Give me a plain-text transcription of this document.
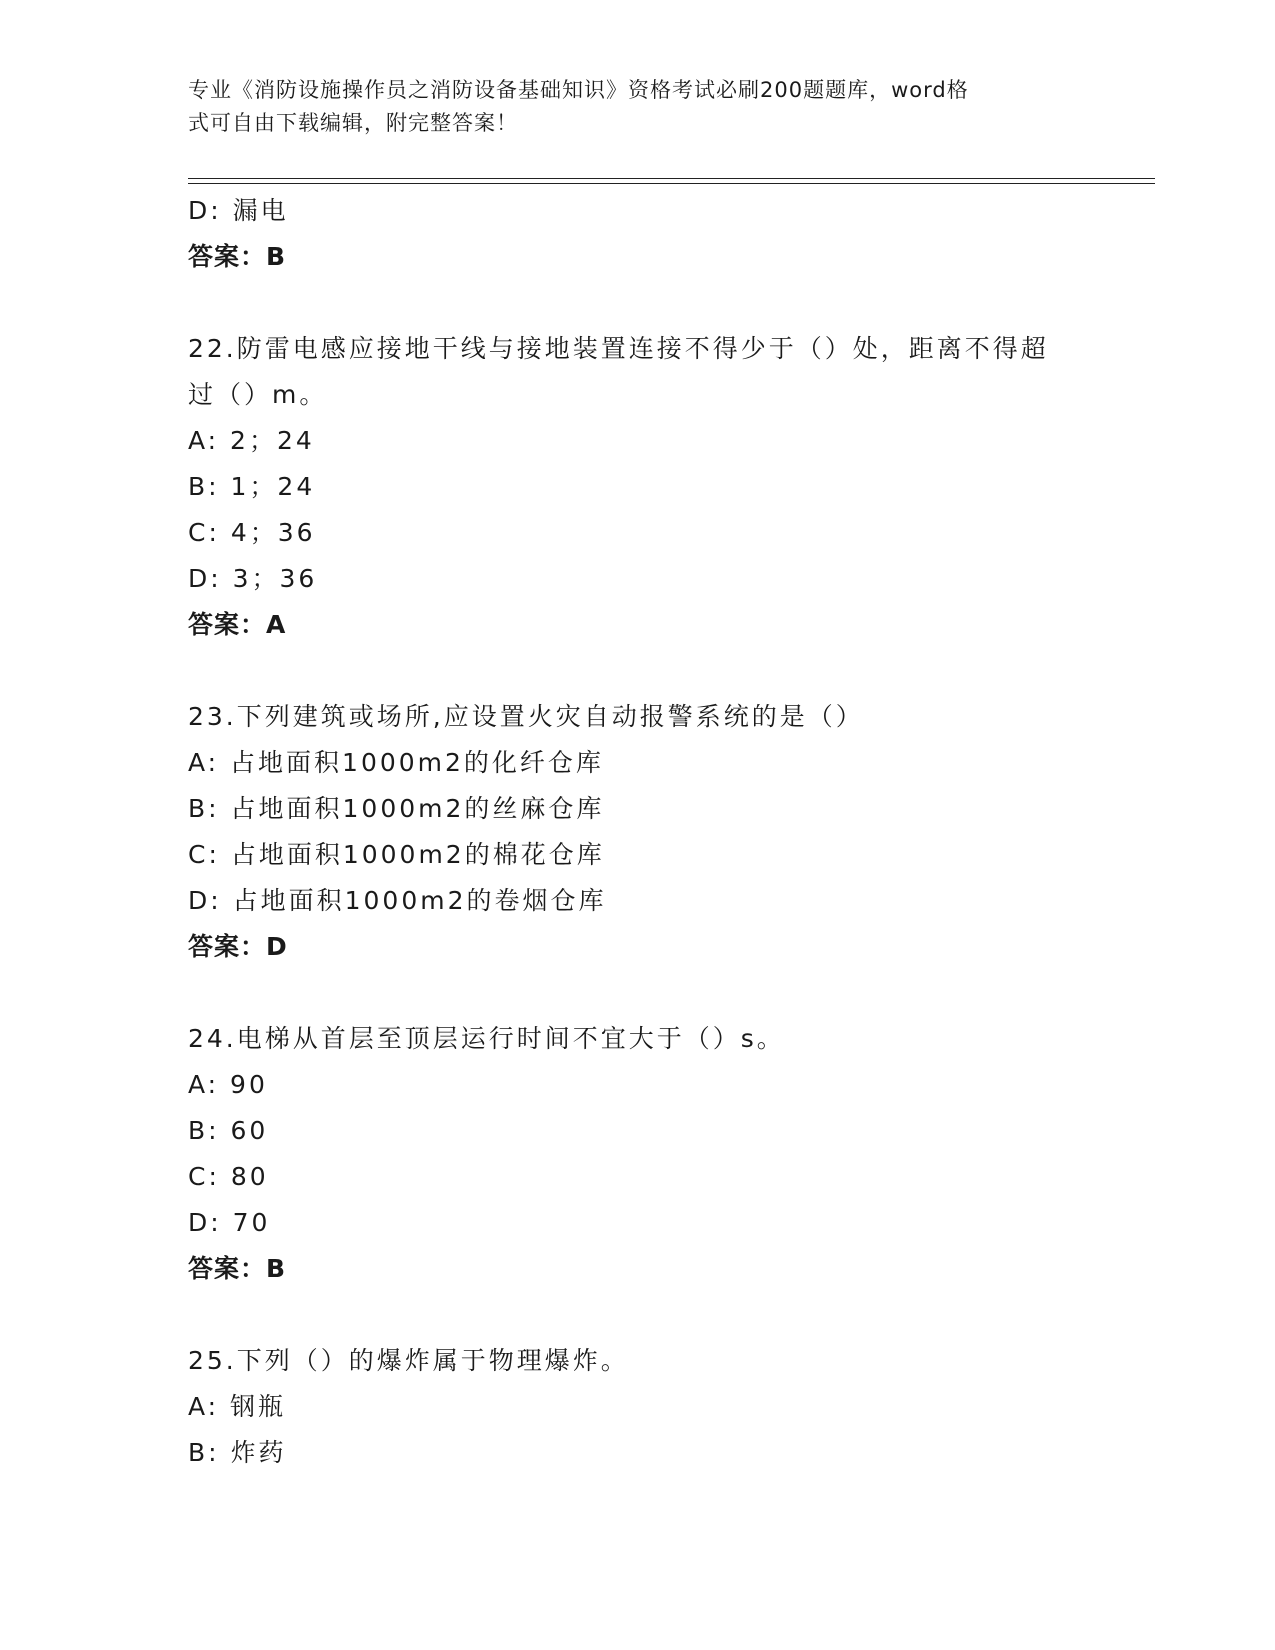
专业《消防设施操作员之消防设备基础知识》资格考试必刷200题题库，word格
式可自由下载编辑，附完整答案！
D: 漏电
答案：B
22.防雷电感应接地干线与接地装置连接不得少于（）处，距离不得超
过（）m。
A: 2；24
B: 1；24
C: 4；36
D: 3；36
答案：A
23.下列建筑或场所,应设置火灾自动报警系统的是（）
A: 占地面积1000m2的化纤仓库
B: 占地面积1000m2的丝麻仓库
C: 占地面积1000m2的棉花仓库
D: 占地面积1000m2的卷烟仓库
答案：D
24.电梯从首层至顶层运行时间不宜大于（）s。
A: 90
B: 60
C: 80
D: 70
答案：B
25.下列（）的爆炸属于物理爆炸。
A: 钢瓶
B: 炸药
